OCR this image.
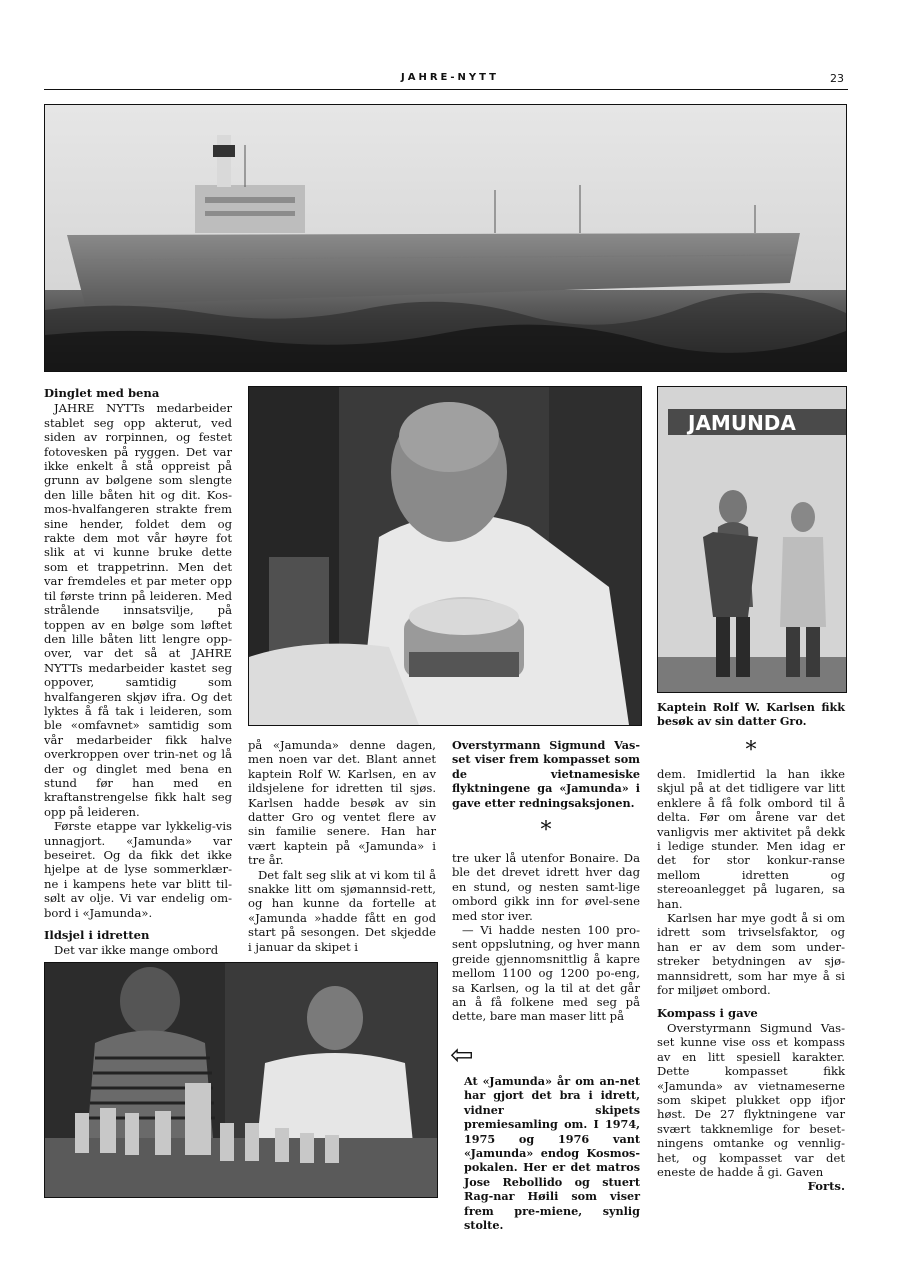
JAHRE-NYTT	23
Dinglet med bena

JAHRE NYTTs medarbeider stablet seg opp akterut, ved siden av rorpinnen, og festet fotovesken på ryggen. Det var ikke enkelt å stå oppreist på grunn av bølgene som slengte den lille båten hit og dit. Kos-mos-hvalfangeren strakte frem sine hender, foldet dem og rakte dem mot vår høyre fot slik at vi kunne bruke dette som et trappetrinn. Men det var fremdeles et par meter opp til første trinn på leideren. Med strålende innsatsvilje, på toppen av en bølge som løftet den lille båten litt lengre opp-over, var det så at JAHRE NYTTs medarbeider kastet seg oppover, samtidig som hvalfangeren skjøv ifra. Og det lyktes å få tak i leideren, som ble «omfavnet» samtidig som vår medarbeider fikk halve overkroppen over trin-net og lå der og dinglet med bena en stund før han med en kraftanstrengelse fikk halt seg opp på leideren.

Første etappe var lykkelig-vis unnagjort. «Jamunda» var beseiret. Og da fikk det ikke hjelpe at de lyse sommerklær-ne i kampens hete var blitt til-sølt av olje. Vi var endelig om-bord i «Jamunda».

Ildsjel i idretten

Det var ikke mange ombord

JAMUNDA
Kaptein Rolf W. Karlsen fikk besøk av sin datter Gro.
*

på «Jamunda» denne dagen, men noen var det. Blant annet kaptein Rolf W. Karlsen, en av ildsjelene for idretten til sjøs. Karlsen hadde besøk av sin datter Gro og ventet flere av sin familie senere. Han har vært kaptein på «Jamunda» i tre år.

Det falt seg slik at vi kom til å snakke litt om sjømannsid-rett, og han kunne da fortelle at «Jamunda »hadde fått en god start på sesongen. Det skjedde i januar da skipet i

Overstyrmann Sigmund Vas-set viser frem kompasset som de vietnamesiske flyktningene ga «Jamunda» i gave etter redningsaksjonen.
*

tre uker lå utenfor Bonaire. Da ble det drevet idrett hver dag en stund, og nesten samt-lige ombord gikk inn for øvel-sene med stor iver.

— Vi hadde nesten 100 pro-sent oppslutning, og hver mann greide gjennomsnittlig å kapre mellom 1100 og 1200 po-eng, sa Karlsen, og la til at det går an å få folkene med seg på dette, bare man maser litt på

dem. Imidlertid la han ikke skjul på at det tidligere var litt enklere å få folk ombord til å delta. Før om årene var det vanligvis mer aktivitet på dekk i ledige stunder. Men idag er det for stor konkur-ranse mellom idretten og stereoanlegget på lugaren, sa han.

Karlsen har mye godt å si om idrett som trivselsfaktor, og han er av dem som under-streker betydningen av sjø-mannsidrett, som har mye å si for miljøet ombord.

Kompass i gave

Overstyrmann Sigmund Vas-set kunne vise oss et kompass av en litt spesiell karakter. Dette kompasset fikk «Jamunda» av vietnameserne som skipet plukket opp ifjor høst. De 27 flyktningene var svært takknemlige for beset-ningens omtanke og vennlig-het, og kompasset var det eneste de hadde å gi. Gaven

Forts.
⇦
At «Jamunda» år om an-net har gjort det bra i idrett, vidner skipets premiesamling om. I 1974, 1975 og 1976 vant «Jamunda» endog Kosmos-pokalen. Her er det matros Jose Rebollido og stuert Rag-nar Høili som viser frem pre-miene, synlig stolte.
